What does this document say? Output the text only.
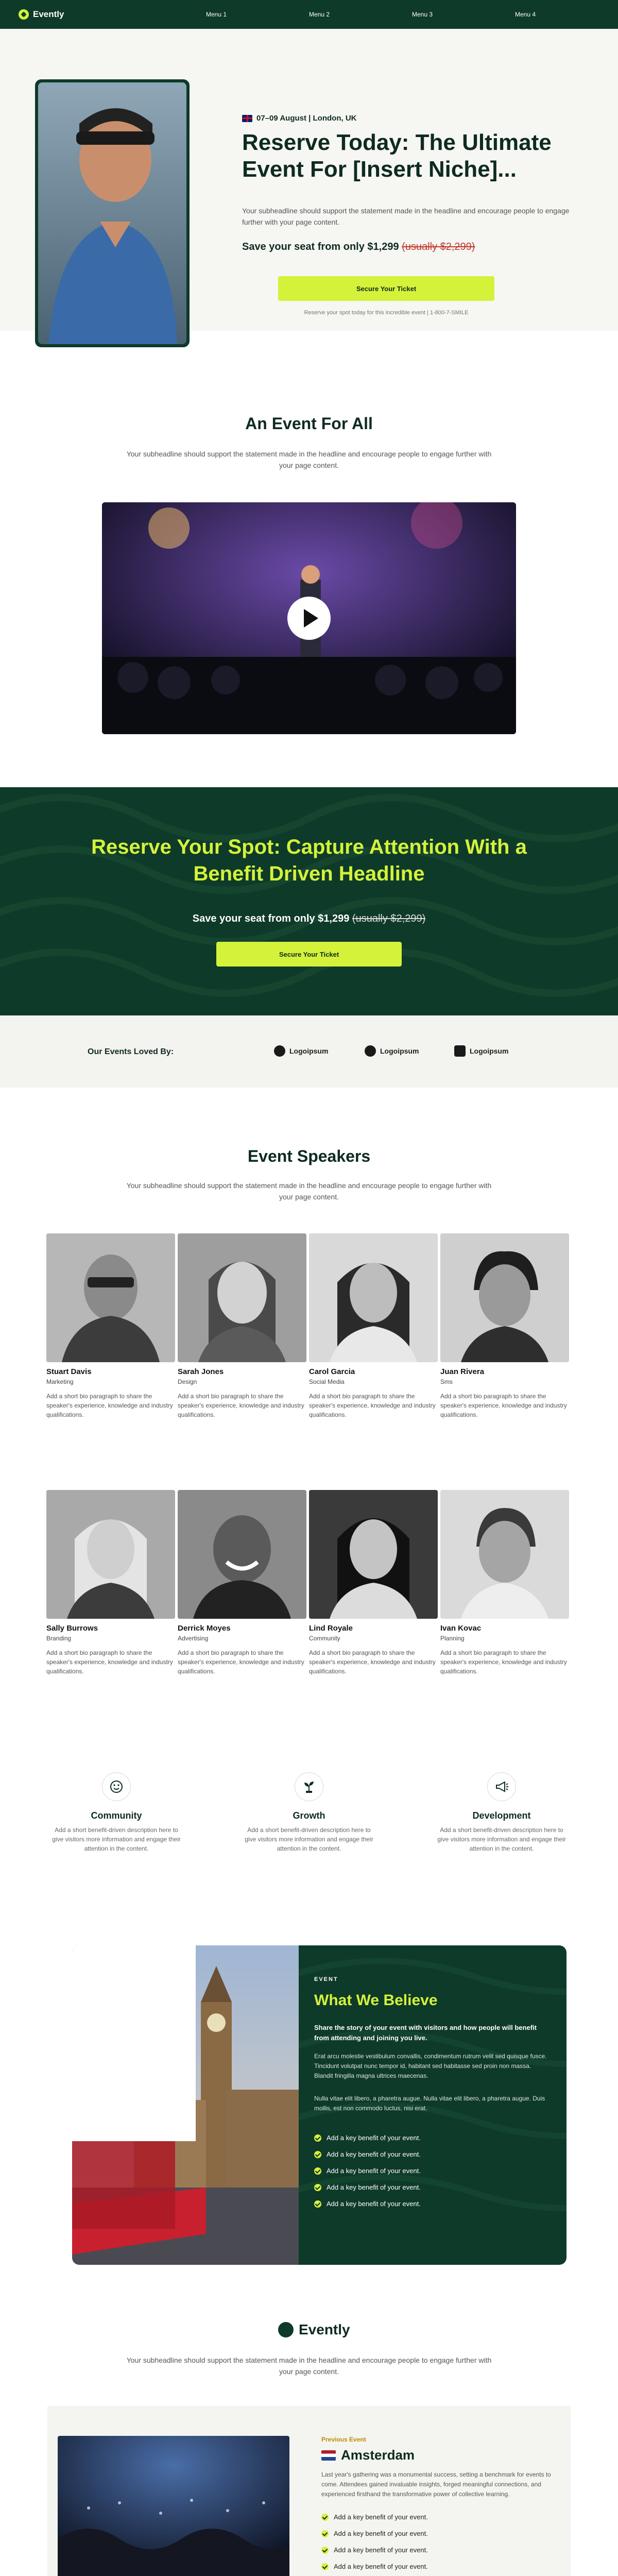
Evently	Menu 1	Menu 2	Menu 3	Menu 4
07–09 August | London, UK
Reserve Today: The Ultimate Event For [Insert Niche]...
Your subheadline should support the statement made in the headline and encourage people to engage further with your page content.
Save your seat from only $1,299 (usually $2,299)
Secure Your Ticket
Reserve your spot today for this incredible event | 1-800-7-SMILE
An Event For All
Your subheadline should support the statement made in the headline and encourage people to engage further with your page content.
Reserve Your Spot: Capture Attention With a Benefit Driven Headline
Save your seat from only $1,299 (usually $2,299)
Secure Your Ticket
Our Events Loved By:	Logoipsum	Logoipsum	Logoipsum
Event Speakers
Your subheadline should support the statement made in the headline and encourage people to engage further with your page content.
Stuart Davis
Marketing
Add a short bio paragraph to share the speaker's experience, knowledge and industry qualifications.
Sarah Jones
Design
Add a short bio paragraph to share the speaker's experience, knowledge and industry qualifications.
Carol Garcia
Social Media
Add a short bio paragraph to share the speaker's experience, knowledge and industry qualifications.
Juan Rivera
Sms
Add a short bio paragraph to share the speaker's experience, knowledge and industry qualifications.
Sally Burrows
Branding
Add a short bio paragraph to share the speaker's experience, knowledge and industry qualifications.
Derrick Moyes
Advertising
Add a short bio paragraph to share the speaker's experience, knowledge and industry qualifications.
Lind Royale
Community
Add a short bio paragraph to share the speaker's experience, knowledge and industry qualifications.
Ivan Kovac
Planning
Add a short bio paragraph to share the speaker's experience, knowledge and industry qualifications.
Community
Add a short benefit-driven description here to give visitors more information and engage their attention in the content.
Growth
Add a short benefit-driven description here to give visitors more information and engage their attention in the content.
Development
Add a short benefit-driven description here to give visitors more information and engage their attention in the content.
EVENT
What We Believe
Share the story of your event with visitors and how people will benefit from attending and joining you live.
Erat arcu molestie vestibulum convallis, condimentum rutrum velit sed quisque fusce. Tincidunt volutpat nunc tempor id, habitant sed habitasse sed proin non massa. Blandit fringilla magna ultrices maecenas.
Nulla vitae elit libero, a pharetra augue. Nulla vitae elit libero, a pharetra augue. Duis mollis, est non commodo luctus, nisi erat.
Add a key benefit of your event.
Add a key benefit of your event.
Add a key benefit of your event.
Add a key benefit of your event.
Add a key benefit of your event.
Evently
Your subheadline should support the statement made in the headline and encourage people to engage further with your page content.
Previous Event
Amsterdam
Last year's gathering was a monumental success, setting a benchmark for events to come. Attendees gained invaluable insights, forged meaningful connections, and experienced firsthand the transformative power of collective learning.
Add a key benefit of your event.
Add a key benefit of your event.
Add a key benefit of your event.
Add a key benefit of your event.
